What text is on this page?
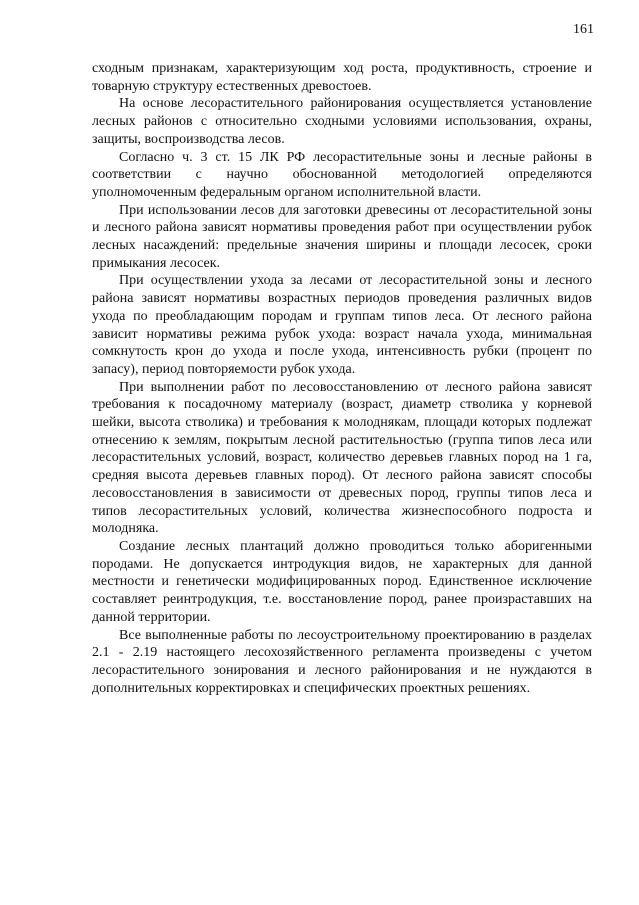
161

сходным признакам, характеризующим ход роста, продуктивность, строение и товарную структуру естественных древостоев.

На основе лесорастительного районирования осуществляется установление лесных районов с относительно сходными условиями использования, охраны, защиты, воспроизводства лесов.

Согласно ч. 3 ст. 15 ЛК РФ лесорастительные зоны и лесные районы в соответствии с научно обоснованной методологией определяются уполномоченным федеральным органом исполнительной власти.

При использовании лесов для заготовки древесины от лесорастительной зоны и лесного района зависят нормативы проведения работ при осуществлении рубок лесных насаждений: предельные значения ширины и площади лесосек, сроки примыкания лесосек.

При осуществлении ухода за лесами от лесорастительной зоны и лесного района зависят нормативы возрастных периодов проведения различных видов ухода по преобладающим породам и группам типов леса. От лесного района зависит нормативы режима рубок ухода: возраст начала ухода, минимальная сомкнутость крон до ухода и после ухода, интенсивность рубки (процент по запасу), период повторяемости рубок ухода.

При выполнении работ по лесовосстановлению от лесного района зависят требования к посадочному материалу (возраст, диаметр стволика у корневой шейки, высота стволика) и требования к молоднякам, площади которых подлежат отнесению к землям, покрытым лесной растительностью (группа типов леса или лесорастительных условий, возраст, количество деревьев главных пород на 1 га, средняя высота деревьев главных пород). От лесного района зависят способы лесовосстановления в зависимости от древесных пород, группы типов леса и типов лесорастительных условий, количества жизнеспособного подроста и молодняка.

Создание лесных плантаций должно проводиться только аборигенными породами. Не допускается интродукция видов, не характерных для данной местности и генетически модифицированных пород. Единственное исключение составляет реинтродукция, т.е. восстановление пород, ранее произраставших на данной территории.

Все выполненные работы по лесоустроительному проектированию в разделах 2.1 - 2.19 настоящего лесохозяйственного регламента произведены с учетом лесорастительного зонирования и лесного районирования и не нуждаются в дополнительных корректировках и специфических проектных решениях.
